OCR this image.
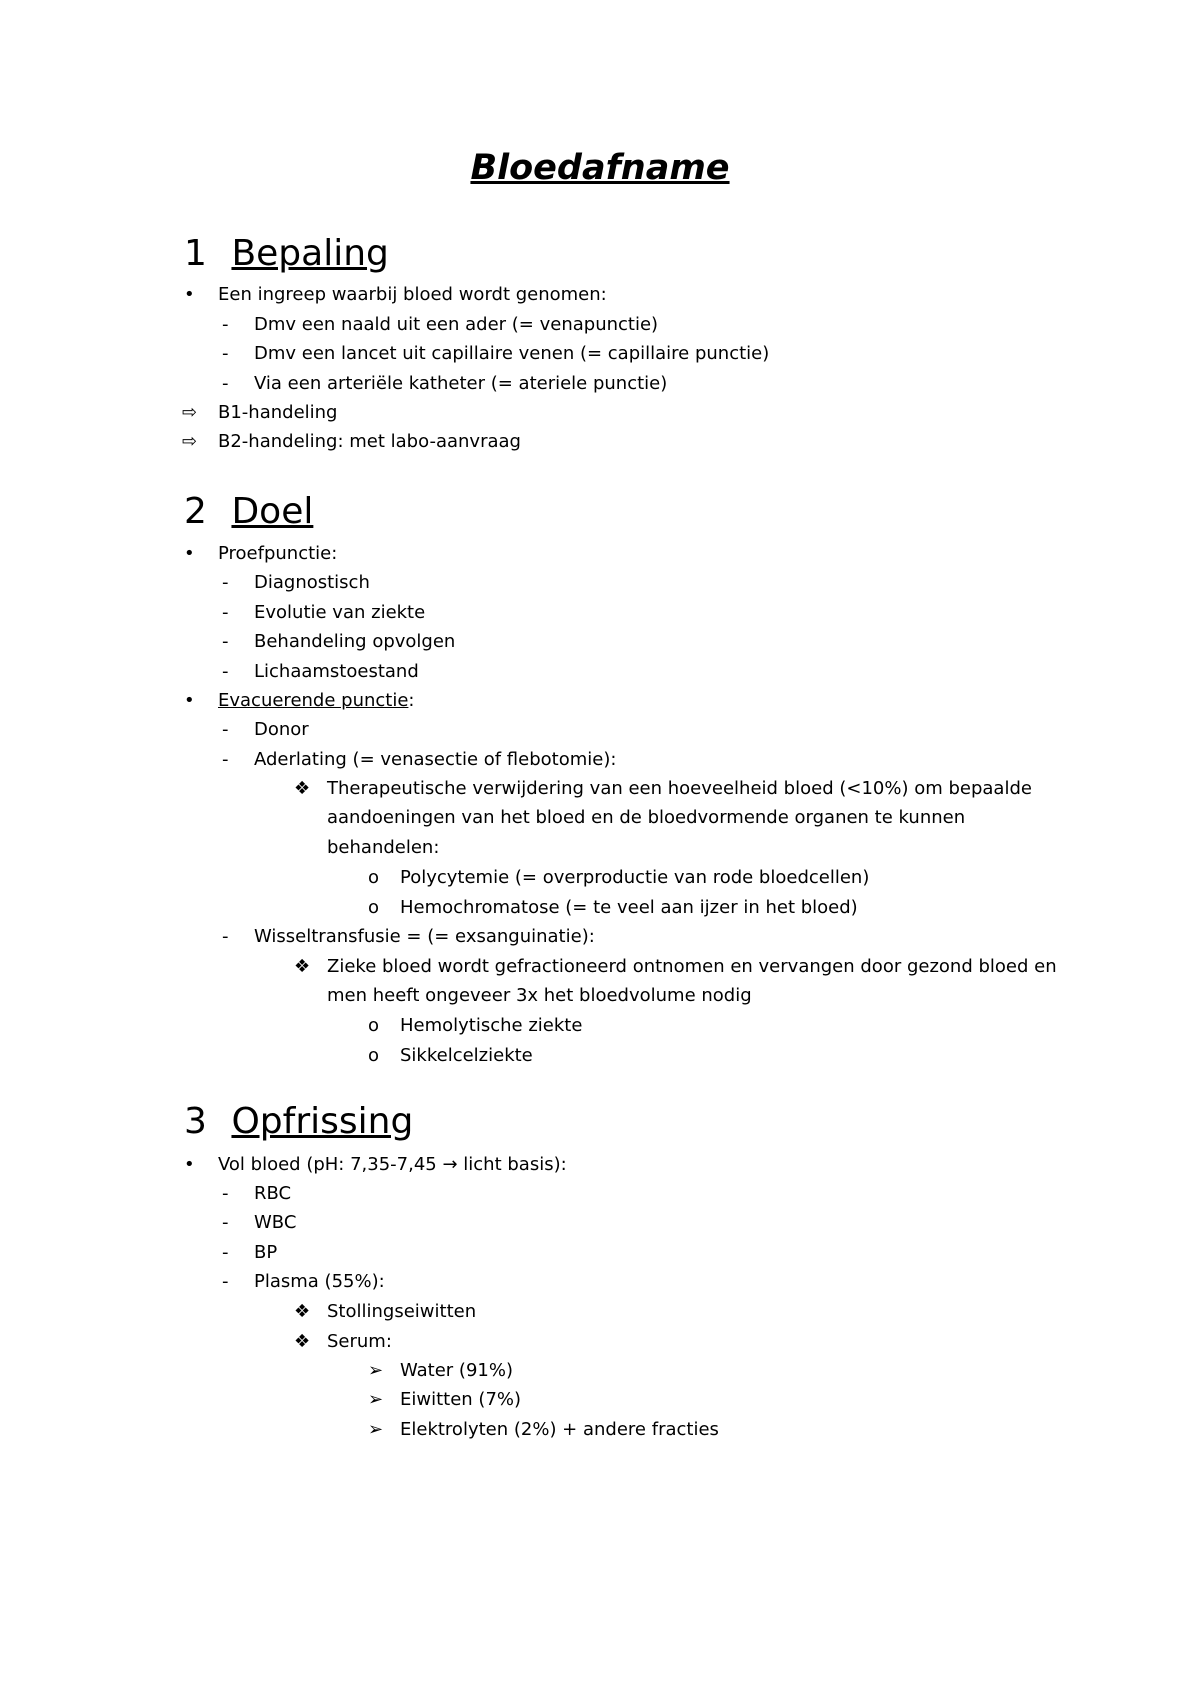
Bloedafname
1 Bepaling
• Een ingreep waarbij bloed wordt genomen:
- Dmv een naald uit een ader (= venapunctie)
- Dmv een lancet uit capillaire venen (= capillaire punctie)
- Via een arteriële katheter (= ateriele punctie)
⇨ B1-handeling
⇨ B2-handeling: met labo-aanvraag
2 Doel
• Proefpunctie:
- Diagnostisch
- Evolutie van ziekte
- Behandeling opvolgen
- Lichaamstoestand
• Evacuerende punctie:
- Donor
- Aderlating (= venasectie of flebotomie):
❖ Therapeutische verwijdering van een hoeveelheid bloed (<10%) om bepaalde
aandoeningen van het bloed en de bloedvormende organen te kunnen
behandelen:
o Polycytemie (= overproductie van rode bloedcellen)
o Hemochromatose (= te veel aan ijzer in het bloed)
- Wisseltransfusie = (= exsanguinatie):
❖ Zieke bloed wordt gefractioneerd ontnomen en vervangen door gezond bloed en
men heeft ongeveer 3x het bloedvolume nodig
o Hemolytische ziekte
o Sikkelcelziekte
3 Opfrissing
• Vol bloed (pH: 7,35-7,45 → licht basis):
- RBC
- WBC
- BP
- Plasma (55%):
❖ Stollingseiwitten
❖ Serum:
➢ Water (91%)
➢ Eiwitten (7%)
➢ Elektrolyten (2%) + andere fracties
